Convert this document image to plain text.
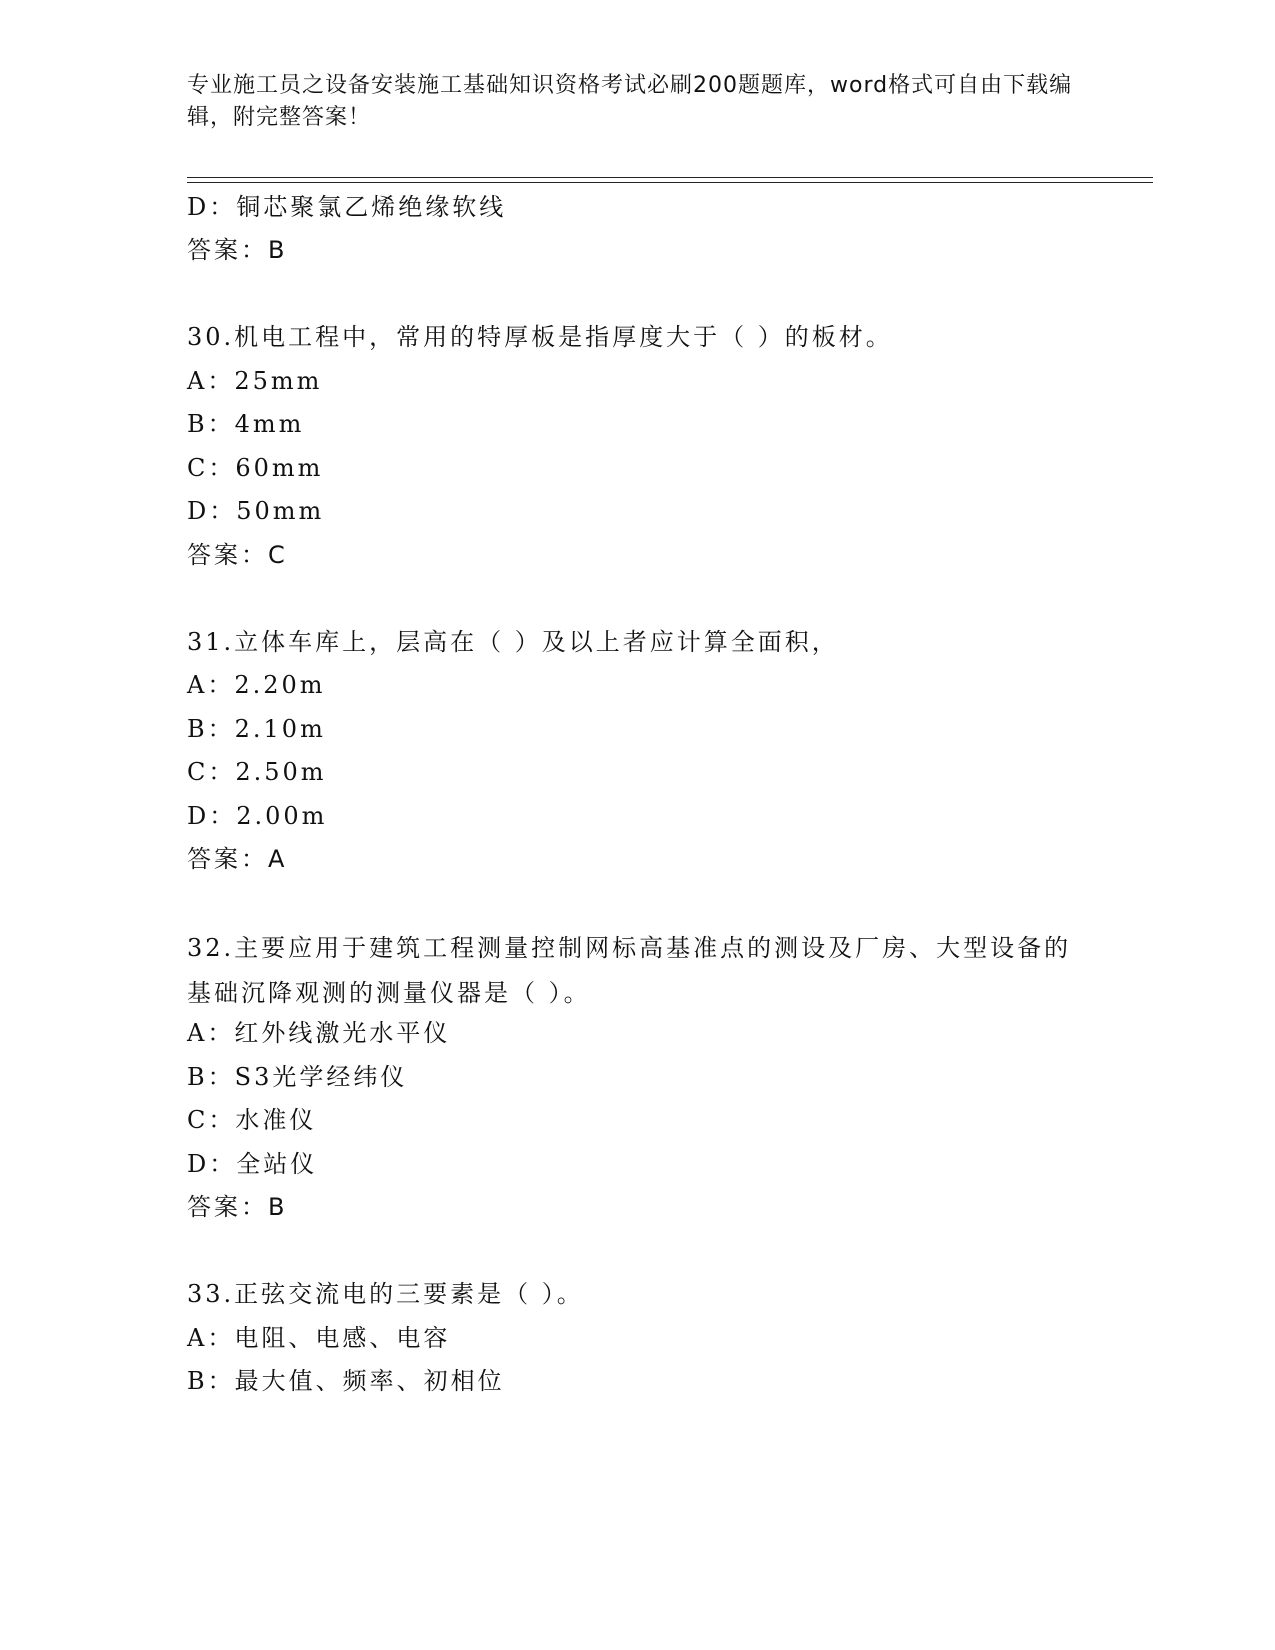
专业施工员之设备安装施工基础知识资格考试必刷200题题库，word格式可自由下载编辑，附完整答案！
D：铜芯聚氯乙烯绝缘软线
答案：B
30.机电工程中，常用的特厚板是指厚度大于（ ）的板材。
A：25mm
B：4mm
C：60mm
D：50mm
答案：C
31.立体车库上，层高在（ ）及以上者应计算全面积，
A：2.20m
B：2.10m
C：2.50m
D：2.00m
答案：A
32.主要应用于建筑工程测量控制网标高基准点的测设及厂房、大型设备的基础沉降观测的测量仪器是（ ）。
A：红外线激光水平仪
B：S3光学经纬仪
C：水准仪
D：全站仪
答案：B
33.正弦交流电的三要素是（ ）。
A：电阻、电感、电容
B：最大值、频率、初相位
